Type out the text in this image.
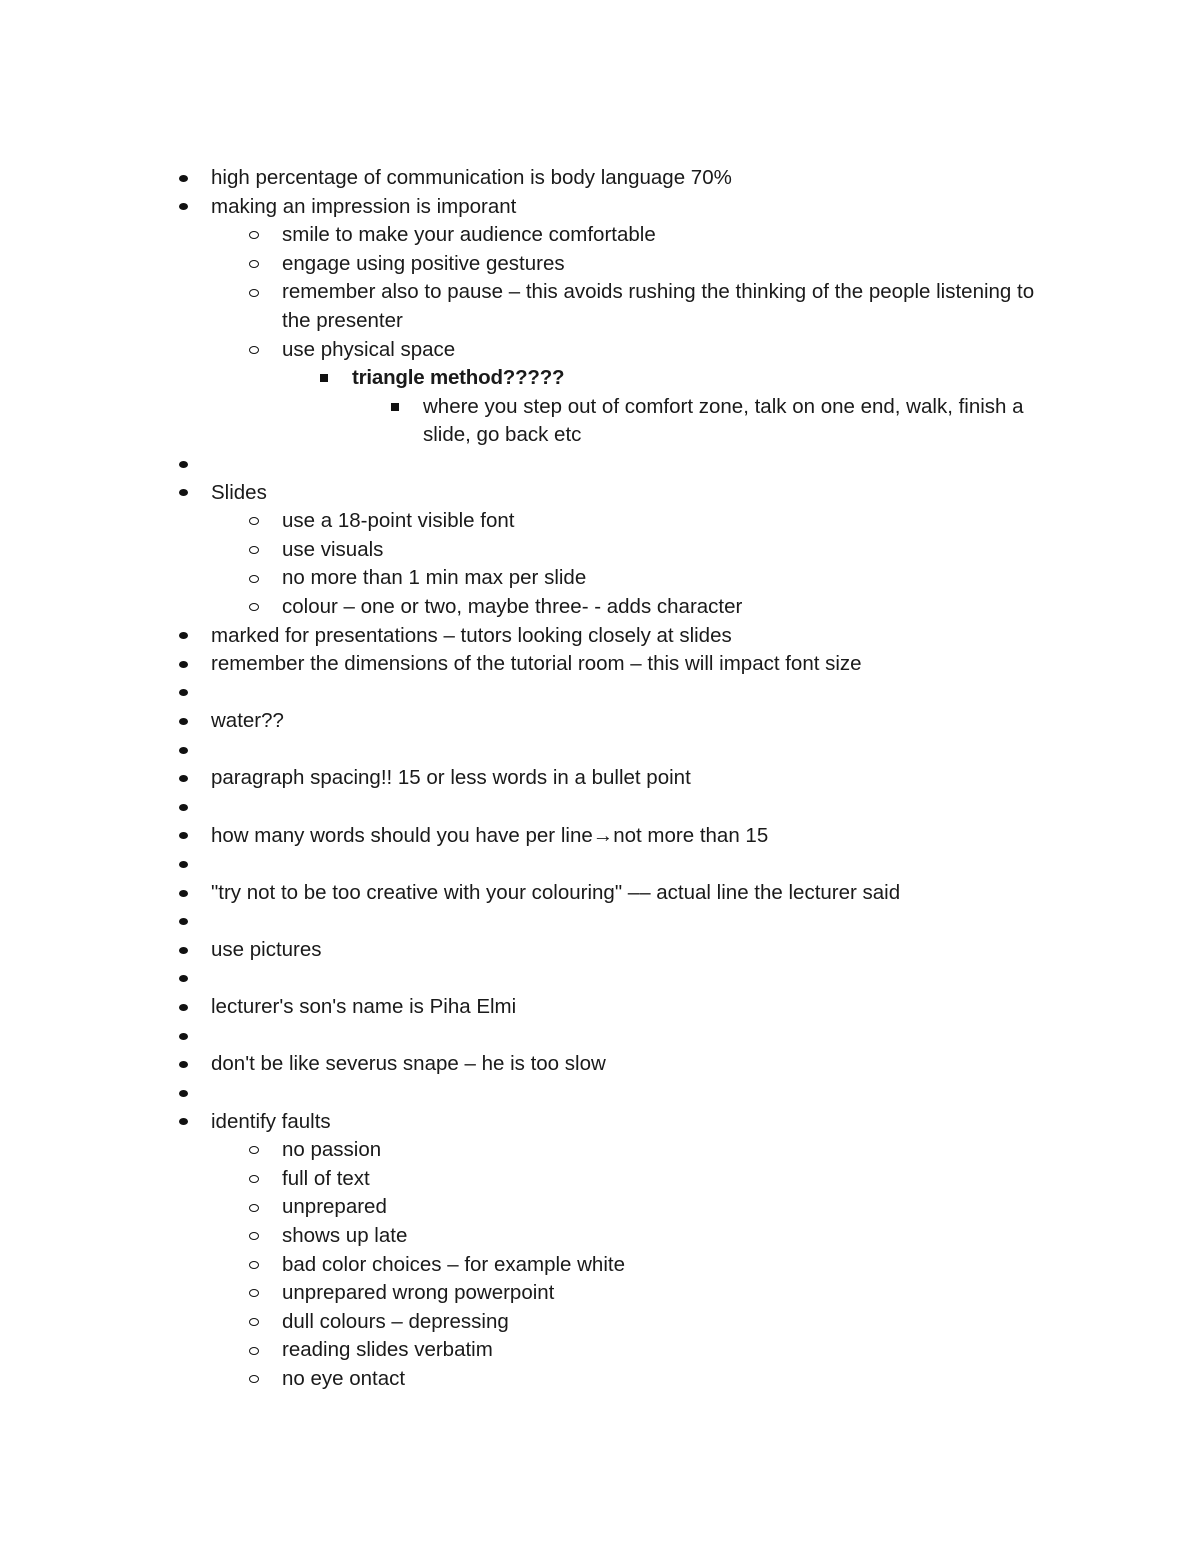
high percentage of communication is body language 70%
making an impression is imporant
smile to make your audience comfortable
engage using positive gestures
remember also to pause – this avoids rushing the thinking of the people listening to the presenter
use physical space
triangle method?????
where you step out of comfort zone, talk on one end, walk, finish a slide, go back etc
Slides
use a 18-point visible font
use visuals
no more than 1 min max per slide
colour – one or two, maybe three- - adds character
marked for presentations – tutors looking closely at slides
remember the dimensions of the tutorial room – this will impact font size
water??
paragraph spacing!! 15 or less words in a bullet point
how many words should you have per line→not more than 15
"try not to be too creative with your colouring" –– actual line the lecturer said
use pictures
lecturer's son's name is Piha Elmi
don't be like severus snape – he is too slow
identify faults
no passion
full of text
unprepared
shows up late
bad color choices – for example white
unprepared wrong powerpoint
dull colours – depressing
reading slides verbatim
no eye ontact
